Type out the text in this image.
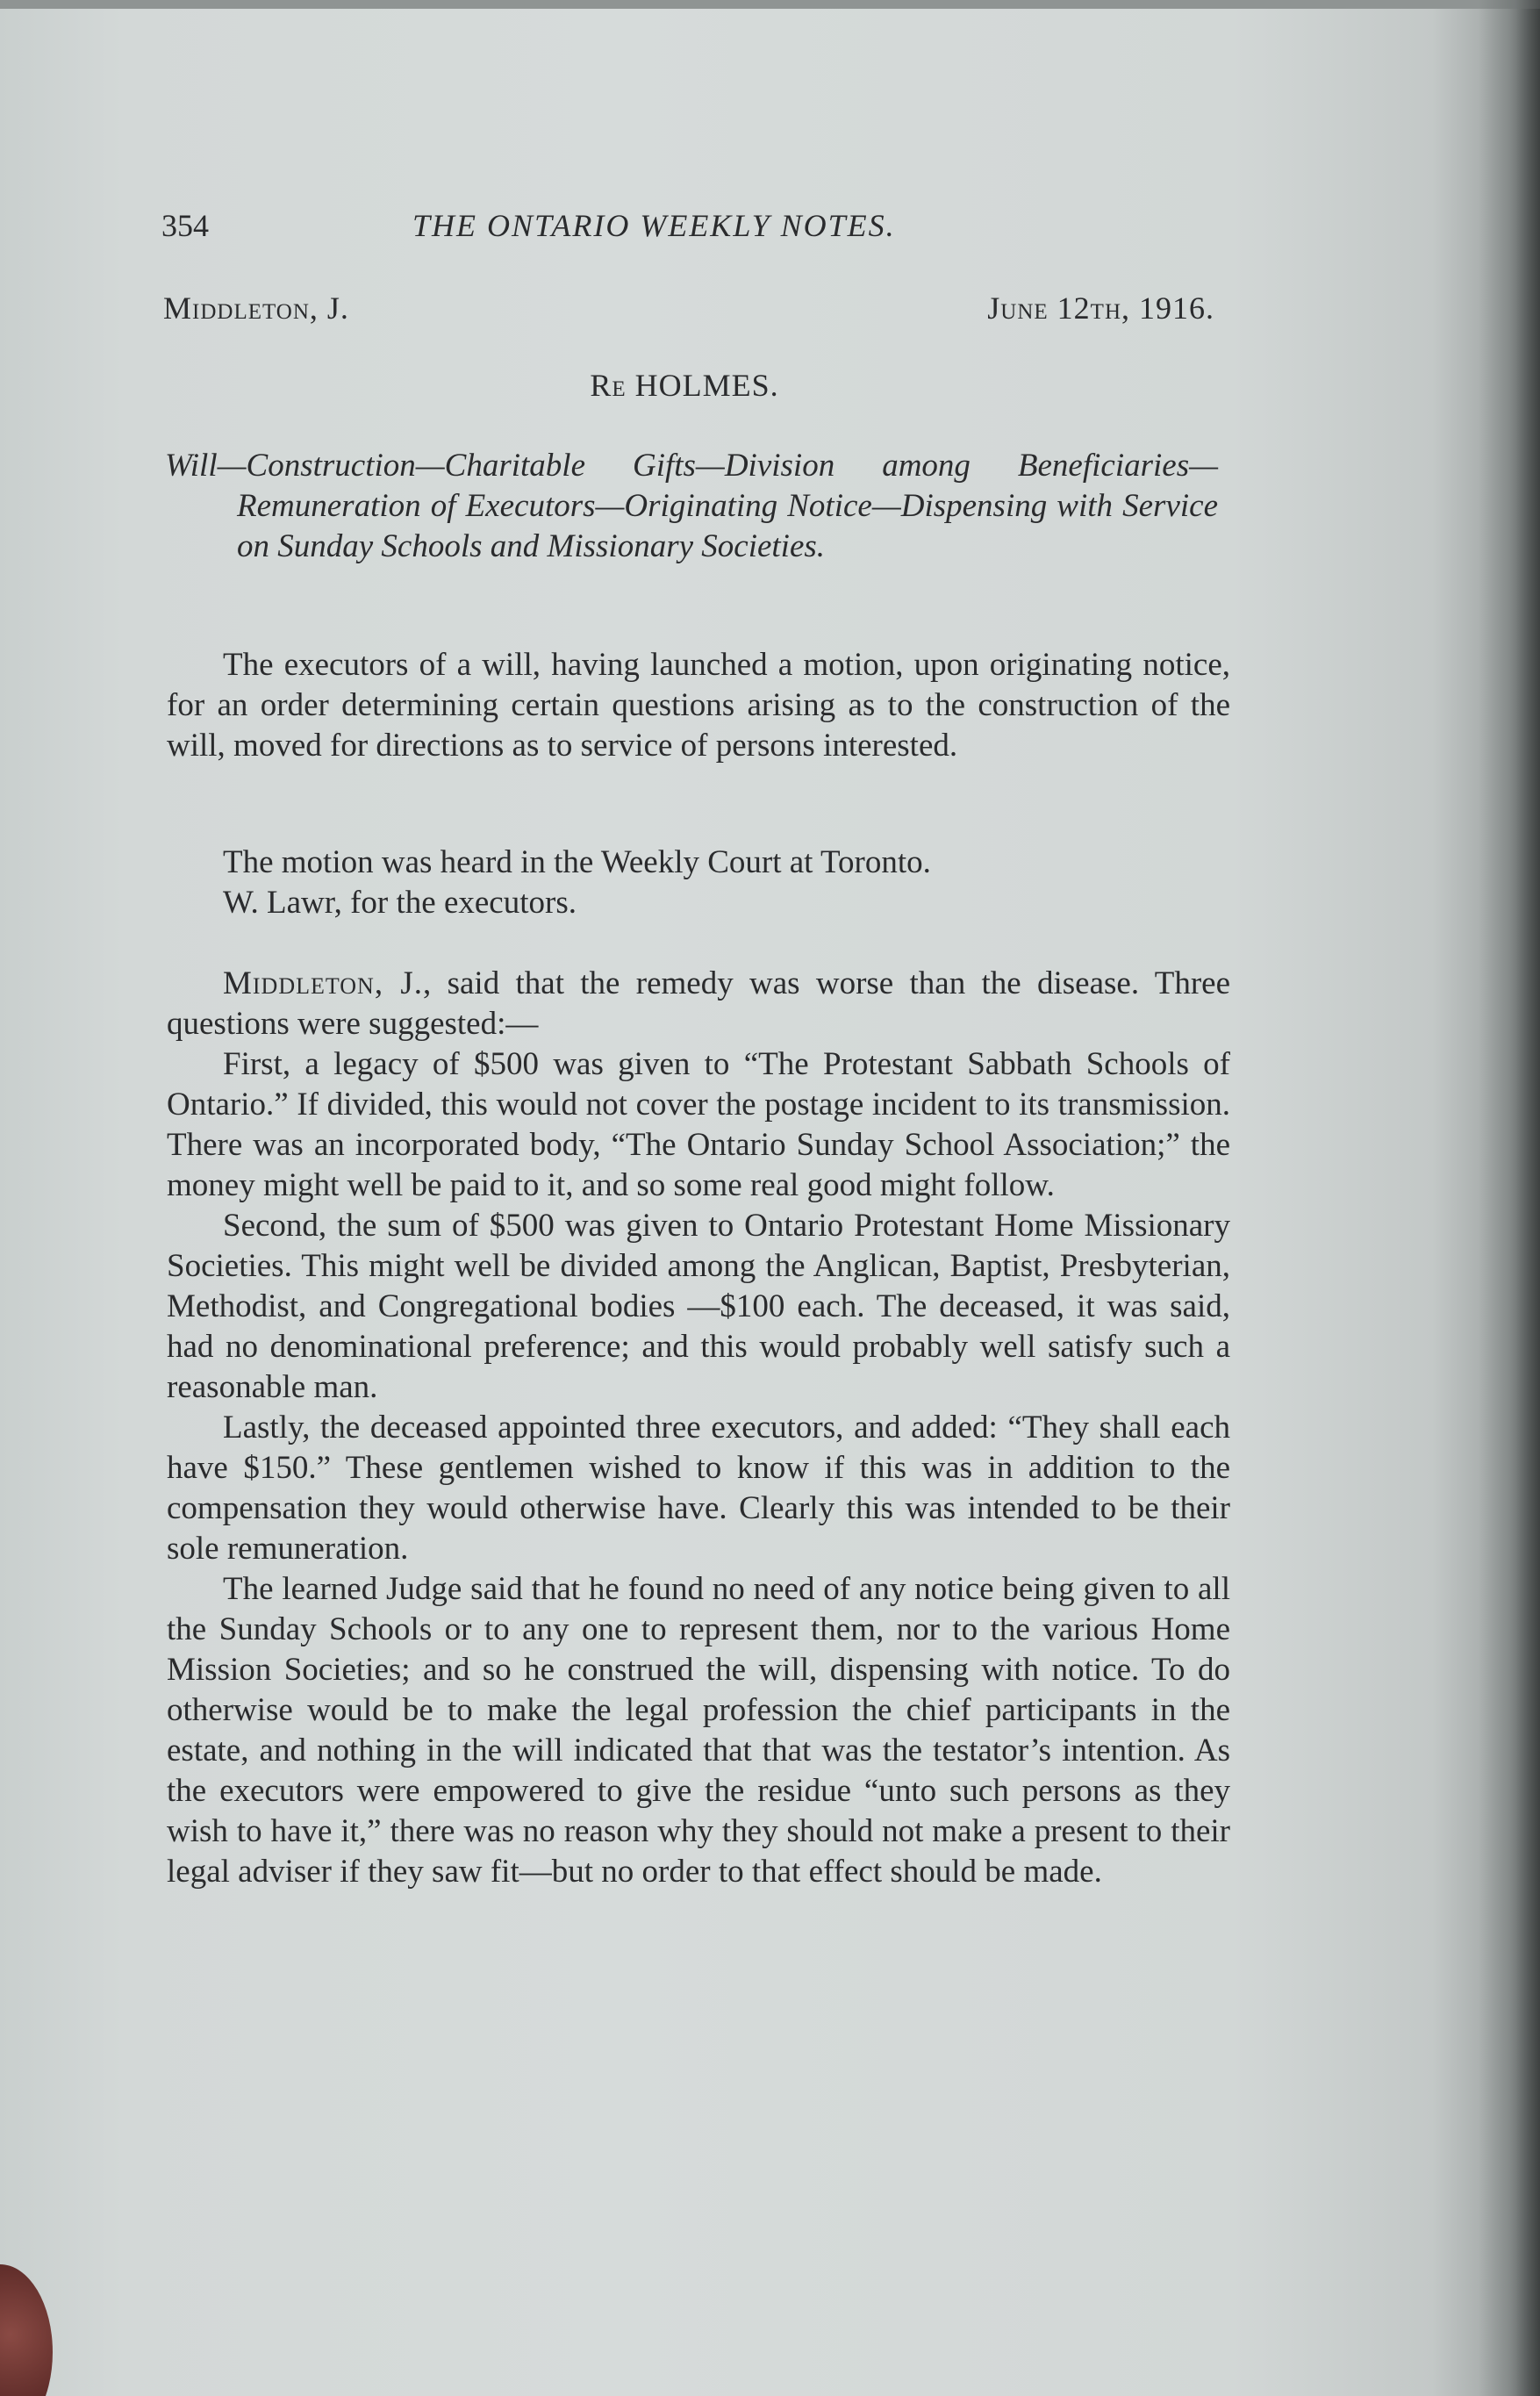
354	THE ONTARIO WEEKLY NOTES.
Middleton, J.	June 12th, 1916.
Re HOLMES.
Will—Construction—Charitable Gifts—Division among Beneficiaries—Remuneration of Executors—Originating Notice—Dispensing with Service on Sunday Schools and Missionary Societies.

The executors of a will, having launched a motion, upon originating notice, for an order determining certain questions arising as to the construction of the will, moved for directions as to service of persons interested.

The motion was heard in the Weekly Court at Toronto.

W. Lawr, for the executors.

Middleton, J., said that the remedy was worse than the disease. Three questions were suggested:—

First, a legacy of $500 was given to “The Protestant Sabbath Schools of Ontario.” If divided, this would not cover the postage incident to its transmission. There was an incorporated body, “The Ontario Sunday School Association;” the money might well be paid to it, and so some real good might follow.

Second, the sum of $500 was given to Ontario Protestant Home Missionary Societies. This might well be divided among the Anglican, Baptist, Presbyterian, Methodist, and Congregational bodies —$100 each. The deceased, it was said, had no denominational preference; and this would probably well satisfy such a reasonable man.

Lastly, the deceased appointed three executors, and added: “They shall each have $150.” These gentlemen wished to know if this was in addition to the compensation they would otherwise have. Clearly this was intended to be their sole remuneration.

The learned Judge said that he found no need of any notice being given to all the Sunday Schools or to any one to represent them, nor to the various Home Mission Societies; and so he construed the will, dispensing with notice. To do otherwise would be to make the legal profession the chief participants in the estate, and nothing in the will indicated that that was the testator’s intention. As the executors were empowered to give the residue “unto such persons as they wish to have it,” there was no reason why they should not make a present to their legal adviser if they saw fit—but no order to that effect should be made.
